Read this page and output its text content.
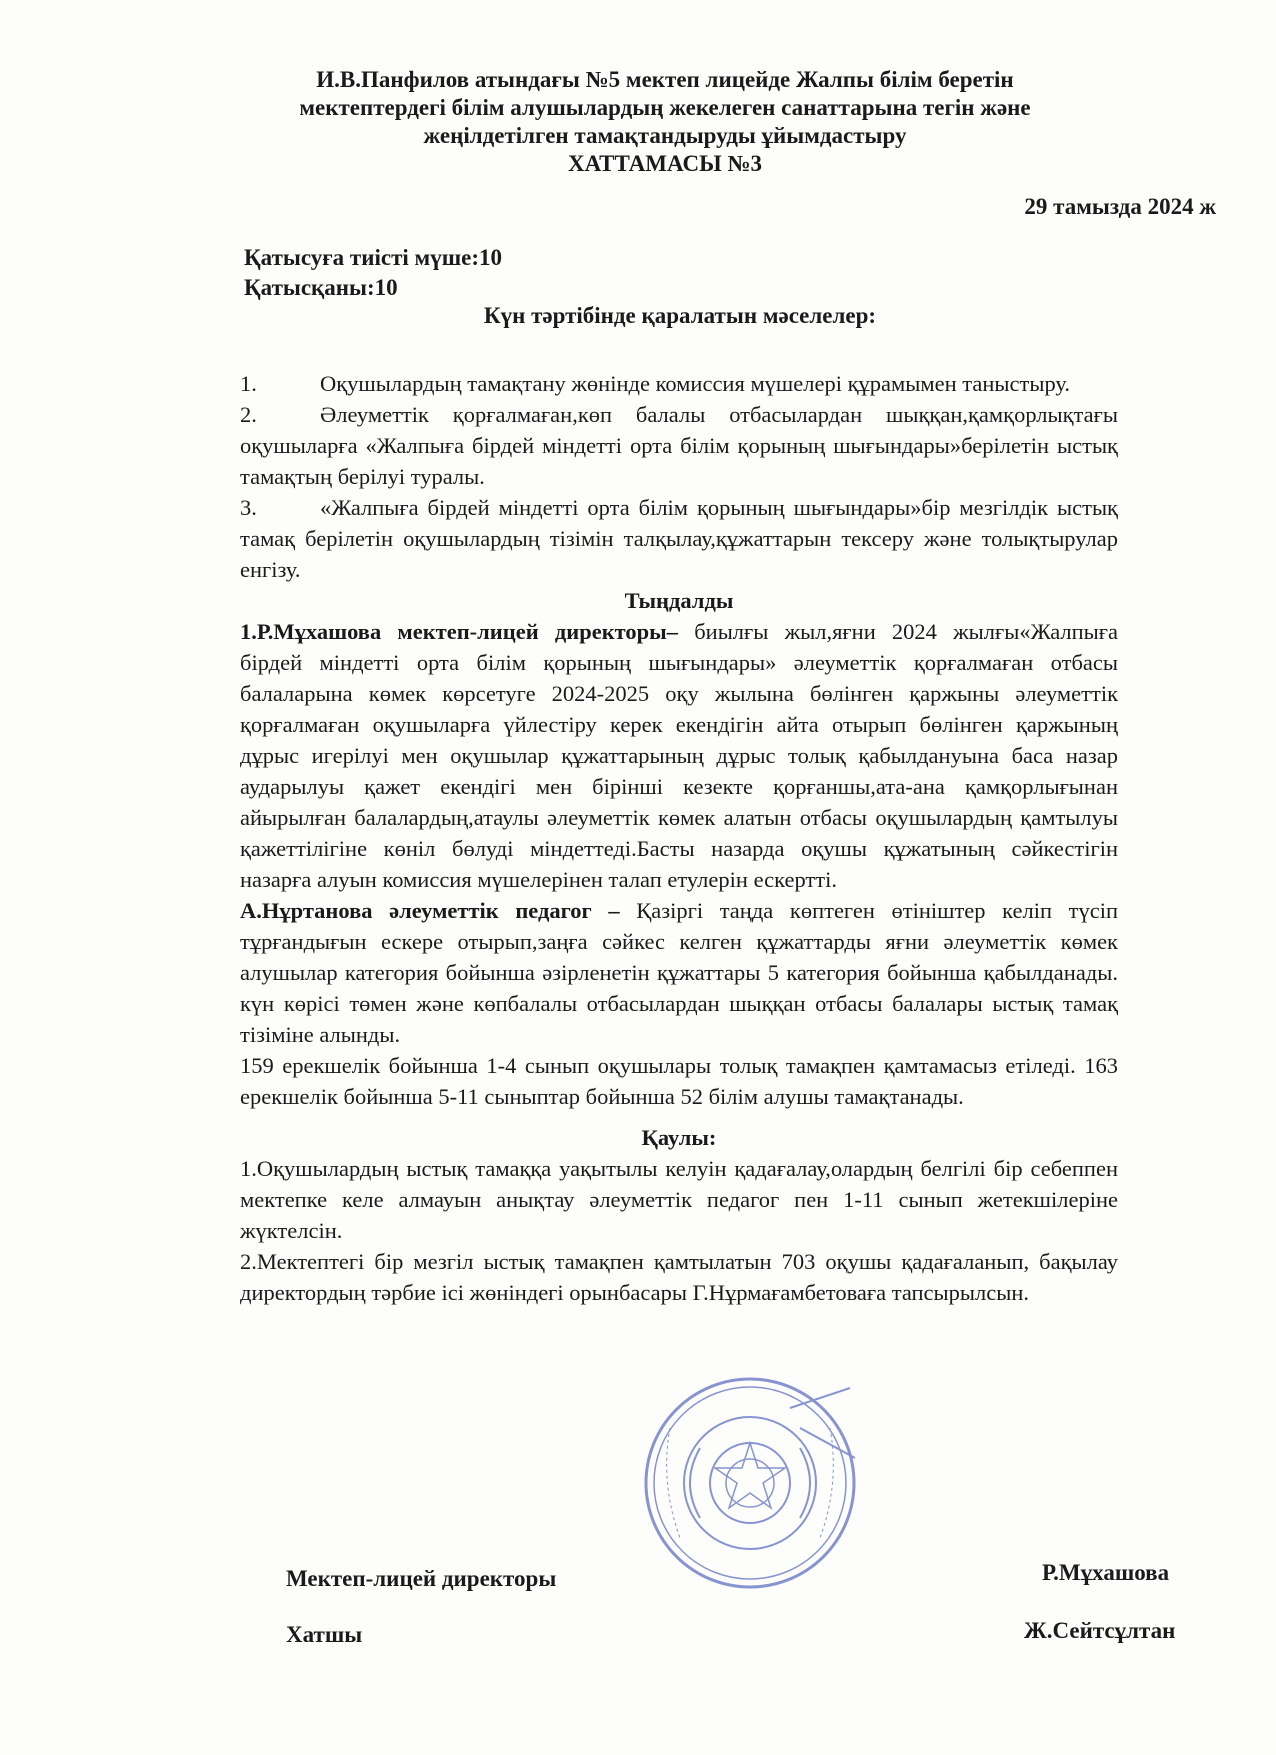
И.В.Панфилов атындағы №5 мектеп лицейде Жалпы білім беретін
мектептердегі білім алушылардың жекелеген санаттарына тегін және
жеңілдетілген тамақтандыруды ұйымдастыру
ХАТТАМАСЫ №3
29 тамызда 2024 ж
Қатысуға тиісті мүше:10
Қатысқаны:10
Күн тәртібінде қаралатын мәселелер:

1.	Оқушылардың тамақтану жөнінде комиссия мүшелері құрамымен таныстыру.

2.	Әлеуметтік қорғалмаған,көп балалы отбасылардан шыққан,қамқорлықтағы оқушыларға «Жалпыға бірдей міндетті орта білім қорының шығындары»берілетін ыстық тамақтың берілуі туралы.

3.	«Жалпыға бірдей міндетті орта білім қорының шығындары»бір мезгілдік ыстық тамақ берілетін оқушылардың тізімін талқылау,құжаттарын тексеру және толықтырулар енгізу.

Тыңдалды

1.Р.Мұхашова мектеп-лицей директоры– биылғы жыл,яғни 2024 жылғы«Жалпыға бірдей міндетті орта білім қорының шығындары» әлеуметтік қорғалмаған отбасы балаларына көмек көрсетуге 2024-2025 оқу жылына бөлінген қаржыны әлеуметтік қорғалмаған оқушыларға үйлестіру керек екендігін айта отырып бөлінген қаржының дұрыс игерілуі мен оқушылар құжаттарының дұрыс толық қабылдануына баса назар аударылуы қажет екендігі мен бірінші кезекте қорғаншы,ата-ана қамқорлығынан айырылған балалардың,атаулы әлеуметтік көмек алатын отбасы оқушылардың қамтылуы қажеттілігіне көніл бөлуді міндеттеді.Басты назарда оқушы құжатының сәйкестігін назарға алуын комиссия мүшелерінен талап етулерін ескертті.

А.Нұртанова әлеуметтік педагог – Қазіргі таңда көптеген өтініштер келіп түсіп тұрғандығын ескере отырып,заңға сәйкес келген құжаттарды яғни әлеуметтік көмек алушылар категория бойынша әзірленетін құжаттары 5 категория бойынша қабылданады. күн көрісі төмен және көпбалалы отбасылардан шыққан отбасы балалары ыстық тамақ тізіміне алынды.

159 ерекшелік бойынша 1-4 сынып оқушылары толық тамақпен қамтамасыз етіледі. 163 ерекшелік бойынша 5-11 сыныптар бойынша 52 білім алушы тамақтанады.

Қаулы:

1.Оқушылардың ыстық тамаққа уақытылы келуін қадағалау,олардың белгілі бір себеппен мектепке келе алмауын анықтау әлеуметтік педагог пен 1-11 сынып жетекшілеріне жүктелсін.

2.Мектептегі бір мезгіл ыстық тамақпен қамтылатын 703 оқушы қадағаланып, бақылау директордың тәрбие ісі жөніндегі орынбасары Г.Нұрмағамбетоваға тапсырылсын.

Мектеп-лицей директоры	Р.Мұхашова
Хатшы	Ж.Сейтсұлтан
